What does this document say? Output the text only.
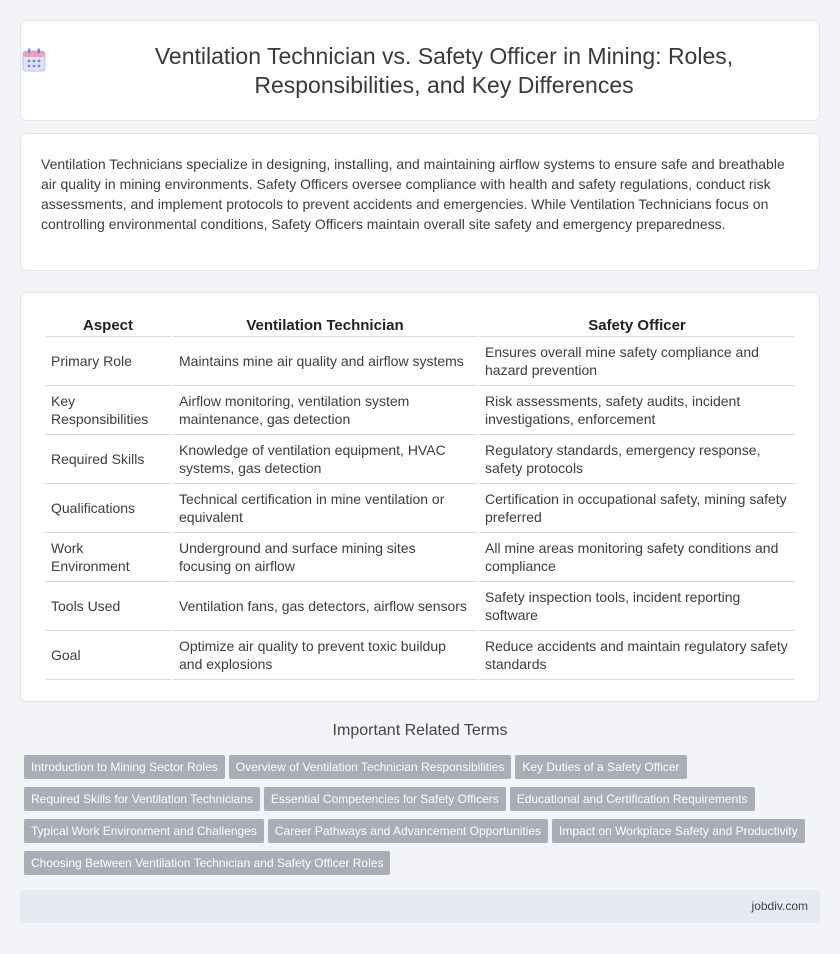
Ventilation Technician vs. Safety Officer in Mining: Roles, Responsibilities, and Key Differences

Ventilation Technicians specialize in designing, installing, and maintaining airflow systems to ensure safe and breathable air quality in mining environments. Safety Officers oversee compliance with health and safety regulations, conduct risk assessments, and implement protocols to prevent accidents and emergencies. While Ventilation Technicians focus on controlling environmental conditions, Safety Officers maintain overall site safety and emergency preparedness.

Aspect	Ventilation Technician	Safety Officer
Primary Role	Maintains mine air quality and airflow systems	Ensures overall mine safety compliance and hazard prevention
Key Responsibilities	Airflow monitoring, ventilation system maintenance, gas detection	Risk assessments, safety audits, incident investigations, enforcement
Required Skills	Knowledge of ventilation equipment, HVAC systems, gas detection	Regulatory standards, emergency response, safety protocols
Qualifications	Technical certification in mine ventilation or equivalent	Certification in occupational safety, mining safety preferred
Work Environment	Underground and surface mining sites focusing on airflow	All mine areas monitoring safety conditions and compliance
Tools Used	Ventilation fans, gas detectors, airflow sensors	Safety inspection tools, incident reporting software
Goal	Optimize air quality to prevent toxic buildup and explosions	Reduce accidents and maintain regulatory safety standards
Important Related Terms
Introduction to Mining Sector Roles Overview of Ventilation Technician Responsibilities Key Duties of a Safety Officer
Required Skills for Ventilation Technicians Essential Competencies for Safety Officers Educational and Certification Requirements
Typical Work Environment and Challenges Career Pathways and Advancement Opportunities Impact on Workplace Safety and Productivity
Choosing Between Ventilation Technician and Safety Officer Roles
jobdiv.com
